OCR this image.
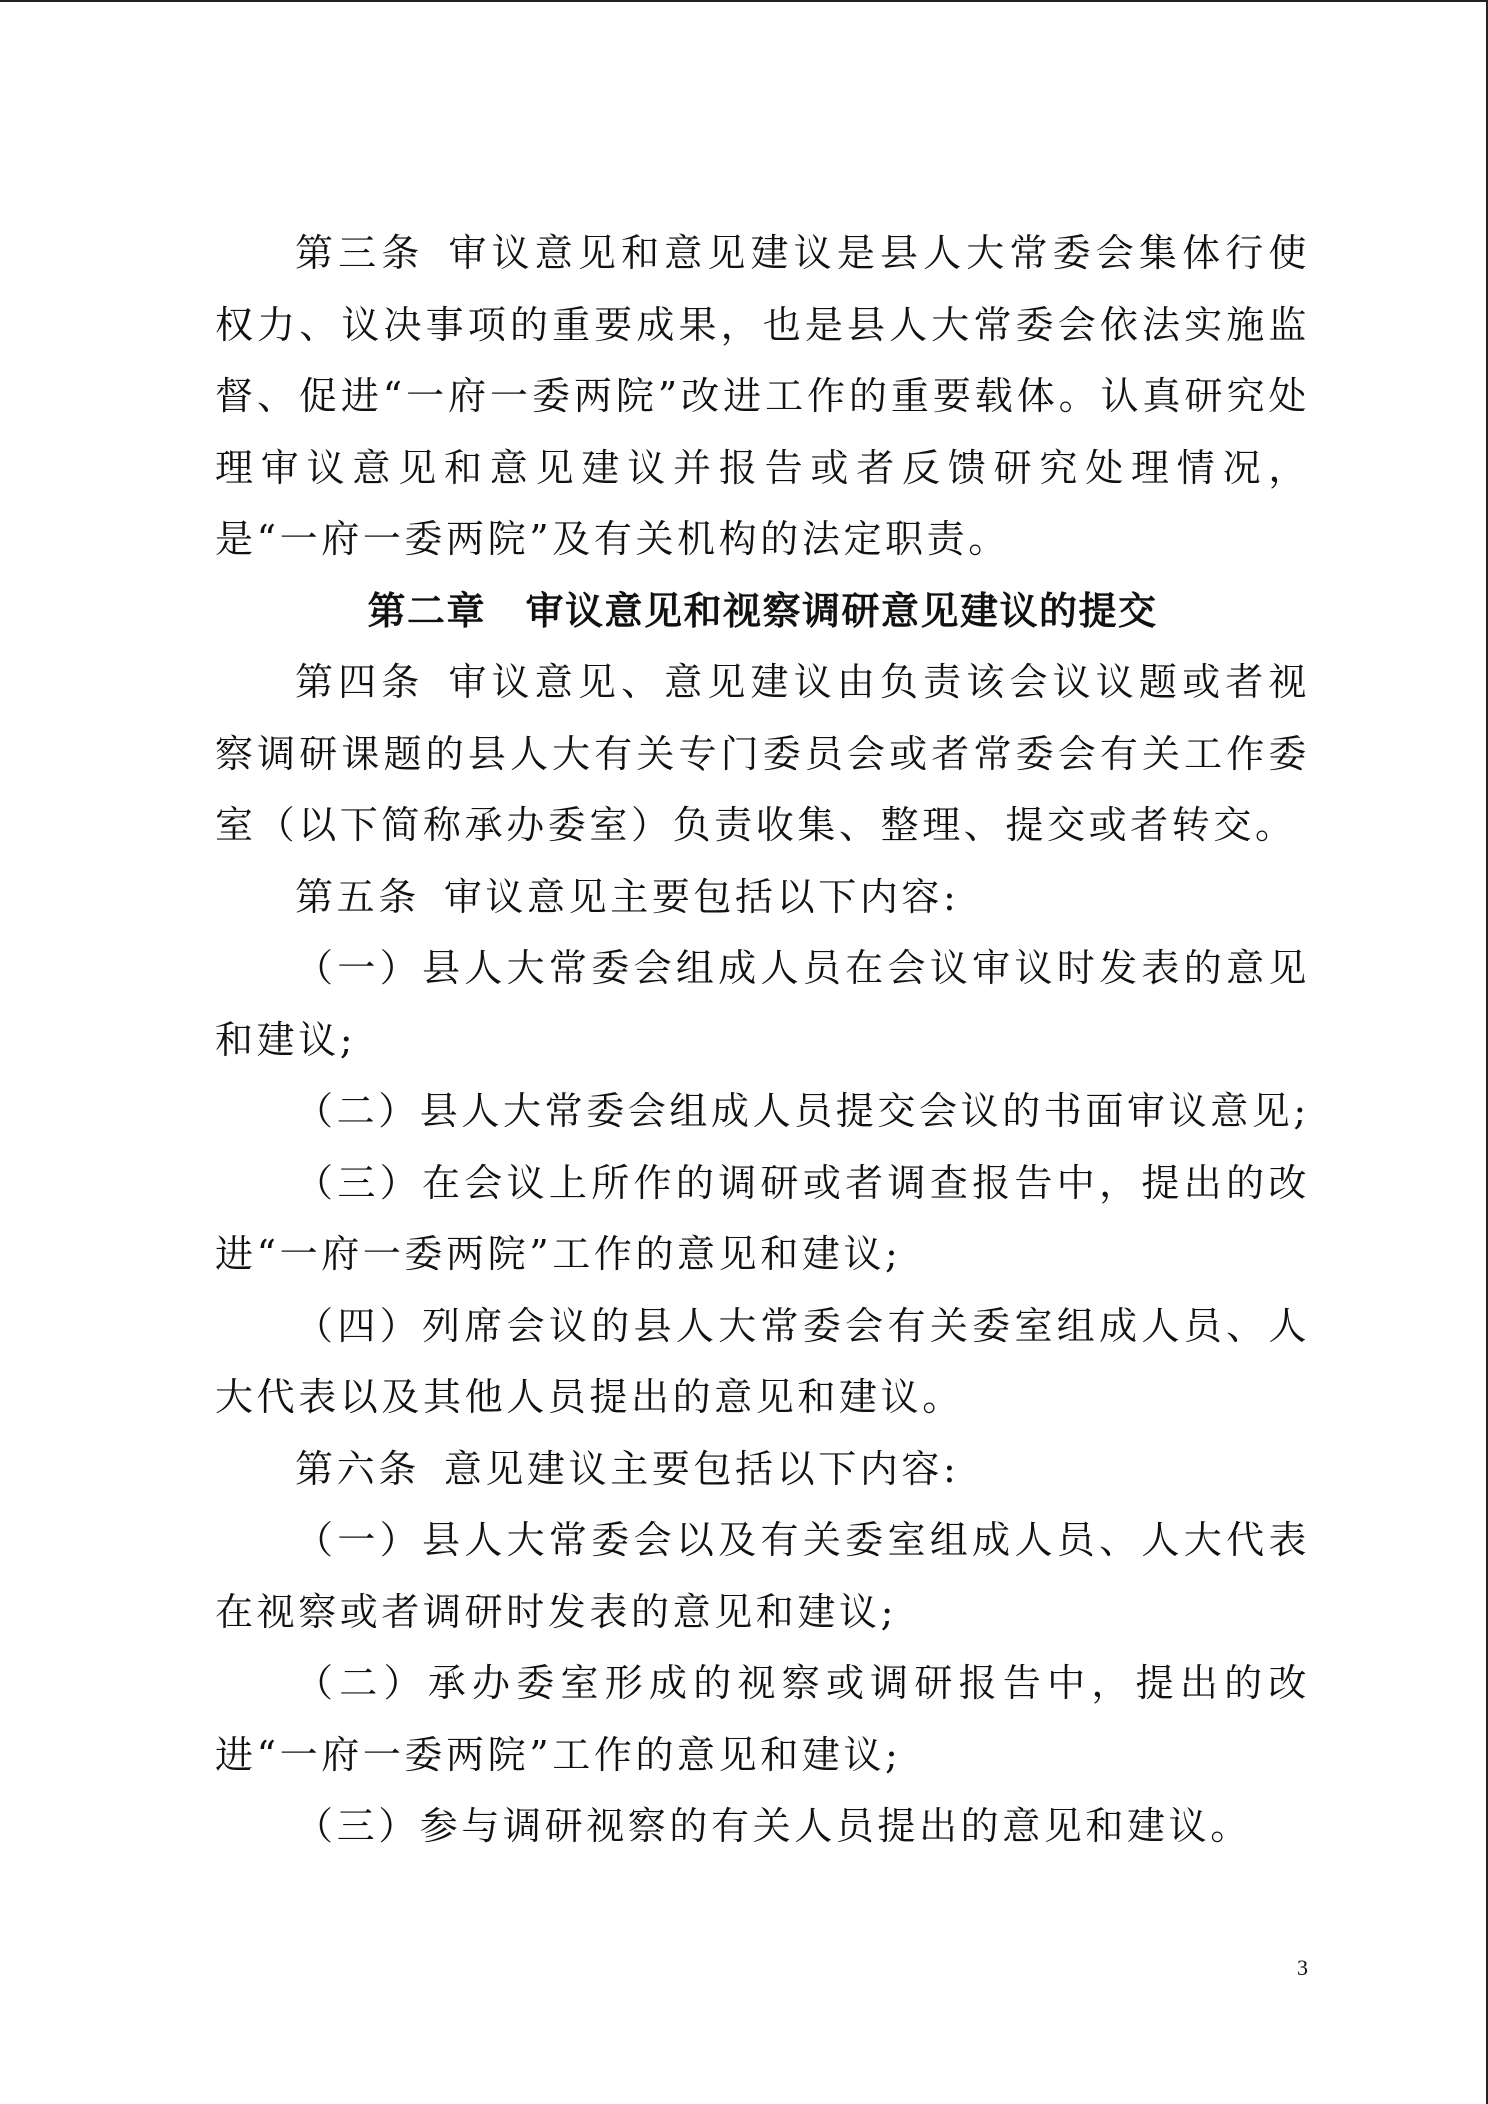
第三条 审议意见和意见建议是县人大常委会集体行使权力、议决事项的重要成果，也是县人大常委会依法实施监督、促进“一府一委两院”改进工作的重要载体。认真研究处理审议意见和意见建议并报告或者反馈研究处理情况，是“一府一委两院”及有关机构的法定职责。

第二章　审议意见和视察调研意见建议的提交

第四条 审议意见、意见建议由负责该会议议题或者视察调研课题的县人大有关专门委员会或者常委会有关工作委室（以下简称承办委室）负责收集、整理、提交或者转交。

第五条 审议意见主要包括以下内容:

（一）县人大常委会组成人员在会议审议时发表的意见和建议;

（二）县人大常委会组成人员提交会议的书面审议意见;

（三）在会议上所作的调研或者调查报告中，提出的改进“一府一委两院”工作的意见和建议;

（四）列席会议的县人大常委会有关委室组成人员、人大代表以及其他人员提出的意见和建议。

第六条 意见建议主要包括以下内容:

（一）县人大常委会以及有关委室组成人员、人大代表在视察或者调研时发表的意见和建议;

（二）承办委室形成的视察或调研报告中，提出的改进“一府一委两院”工作的意见和建议;

（三）参与调研视察的有关人员提出的意见和建议。

3
